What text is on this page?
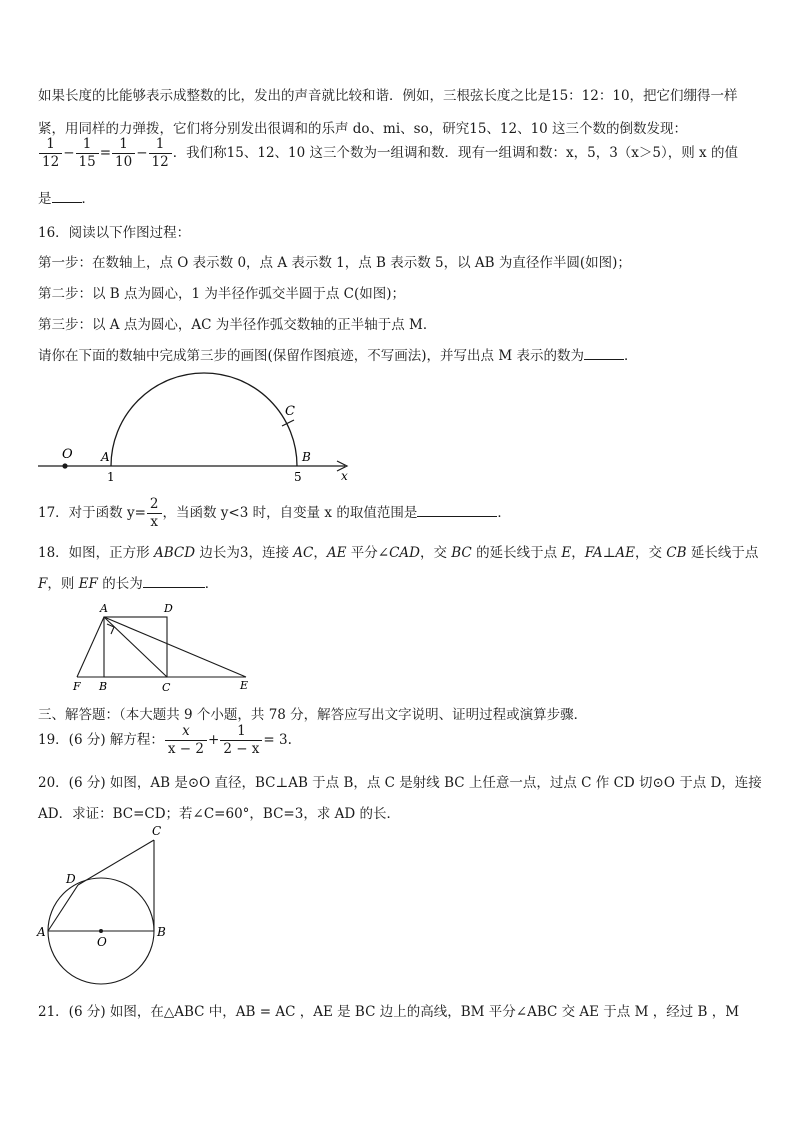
如果长度的比能够表示成整数的比，发出的声音就比较和谐．例如，三根弦长度之比是15：12：10，把它们绷得一样
紧，用同样的力弹拨，它们将分别发出很调和的乐声 do、mi、so，研究15、12、10 这三个数的倒数发现：
$\frac{1}{12} - \frac{1}{15} = \frac{1}{10} - \frac{1}{12}$ ．我们称15、12、10 这三个数为一组调和数．现有一组调和数：x，5，3（x＞5），则 x 的值
是 ．
16．阅读以下作图过程：
第一步：在数轴上，点 O 表示数 0，点 A 表示数 1，点 B 表示数 5，以 AB 为直径作半圆(如图)；
第二步：以 B 点为圆心，1 为半径作弧交半圆于点 C(如图)；
第三步：以 A 点为圆心，AC 为半径作弧交数轴的正半轴于点 M．
请你在下面的数轴中完成第三步的画图(保留作图痕迹，不写画法)，并写出点 M 表示的数为	．
O A	B
C
x
1	5
17．对于函数 $y= \frac{2}{x}$ ，当函数 y<3 时，自变量 x 的取值范围是	．
18．如图，正方形 ABCD 边长为3，连接 AC，AE 平分∠CAD，交 BC 的延长线于点 E，FA⊥AE，交 CB 延长线于点
F，则 EF 的长为	．
A	D
F B	C	E
三、解答题：（本大题共 9 个小题，共 78 分，解答应写出文字说明、证明过程或演算步骤．
19．(6 分) 解方程： $\frac{x}{x - 2} + \frac{1}{2 - x} = 3$.
20．(6 分) 如图，AB 是⊙O 直径，BC⊥AB 于点 B，点 C 是射线 BC 上任意一点，过点 C 作 CD 切⊙O 于点 D，连接
AD．求证：BC=CD；若∠C=60°，BC=3，求 AD 的长．
C
D
A
O
B
21．(6 分) 如图，在△ABC 中，AB = AC ，AE 是 BC 边上的高线，BM 平分∠ABC 交 AE 于点 M ，经过 B ，M
